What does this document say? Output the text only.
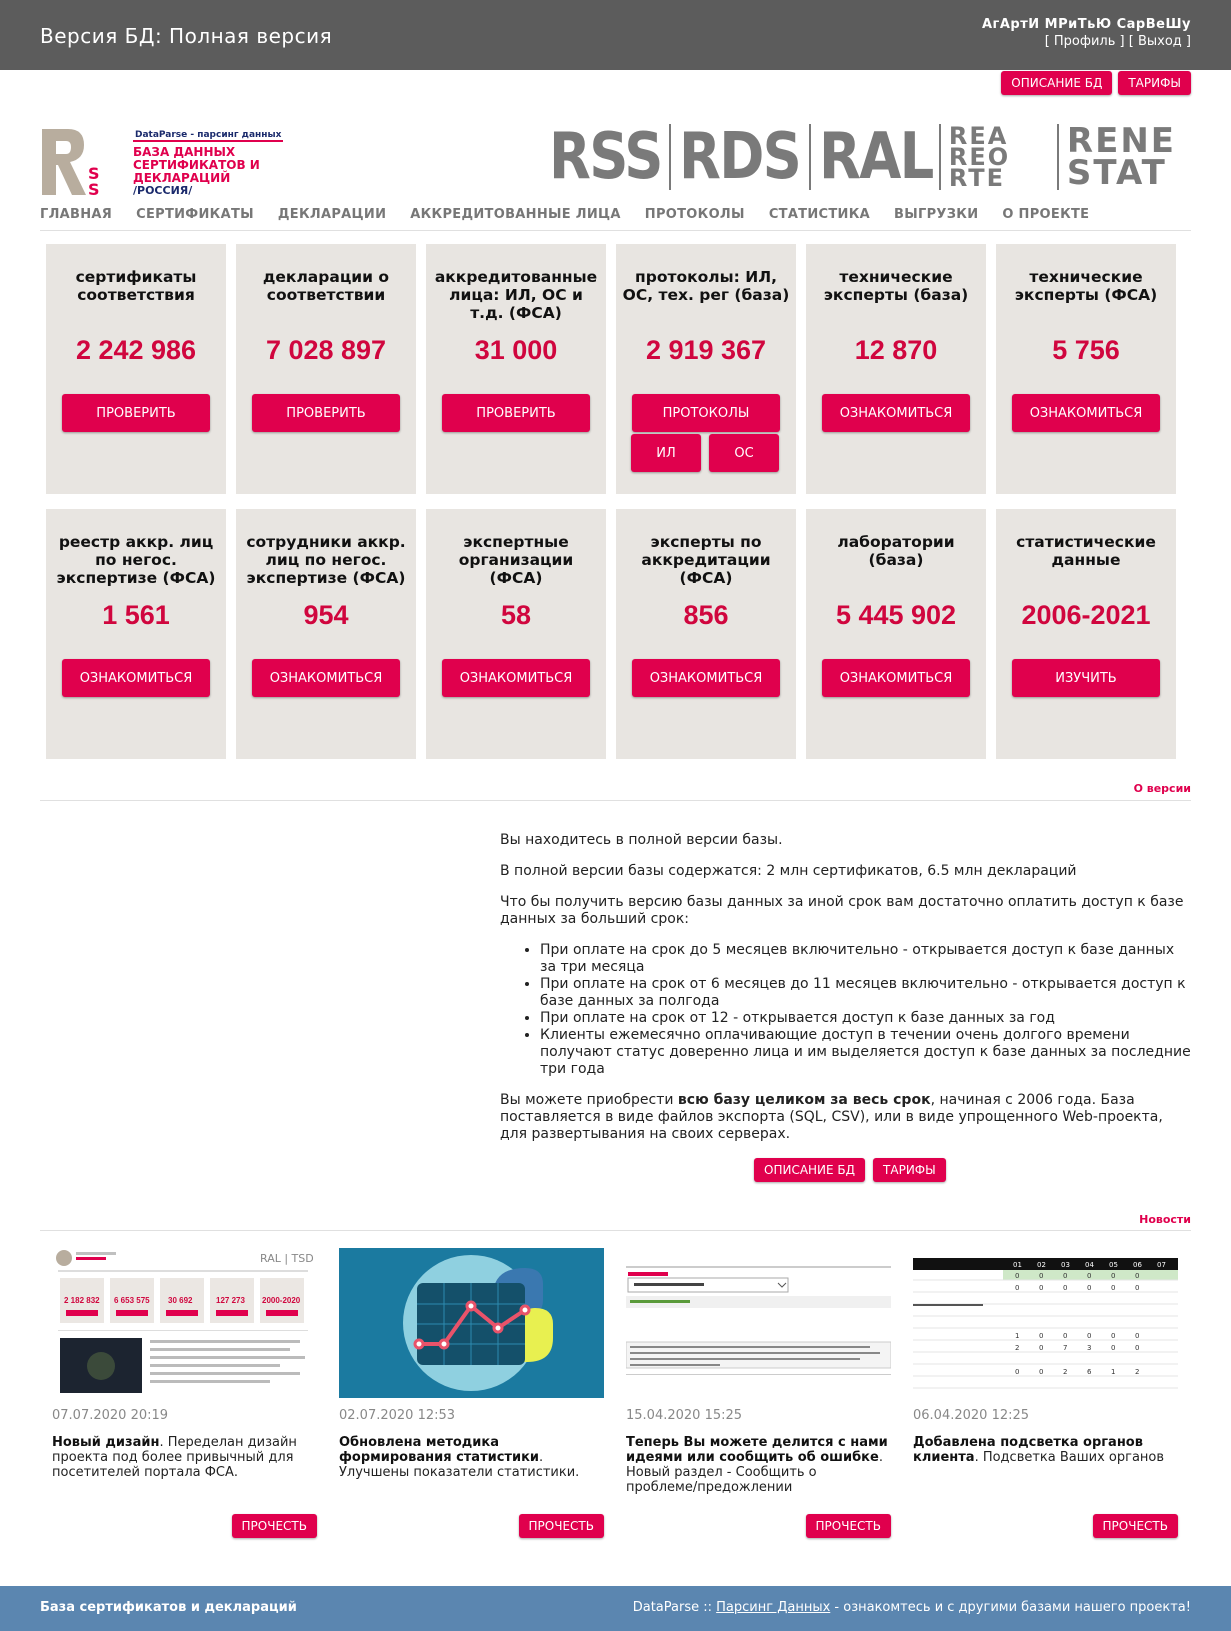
Версия БД: Полная версия	АгАртИ МРиТьЮ СарВеШу
[ Профиль ] [ Выход ]
ОПИСАНИЕ БД	ТАРИФЫ
S
S
DataParse - парсинг данных
БАЗА ДАННЫХ
СЕРТИФИКАТОВ И
ДЕКЛАРАЦИЙ
/РОССИЯ/	RSS RDS RAL REA
REO
RTE
RENE
STAT
ГЛАВНАЯ СЕРТИФИКАТЫ ДЕКЛАРАЦИИ АККРЕДИТОВАННЫЕ ЛИЦА ПРОТОКОЛЫ СТАТИСТИКА ВЫГРУЗКИ О ПРОЕКТЕ
сертификаты соответствия
2 242 986
ПРОВЕРИТЬ
декларации о соответствии
7 028 897
ПРОВЕРИТЬ
аккредитованные лица: ИЛ, ОС и т.д. (ФСА)
31 000
ПРОВЕРИТЬ
протоколы: ИЛ, ОС, тех. рег (база)
2 919 367
ПРОТОКОЛЫ
ИЛ	ОС
технические эксперты (база)
12 870
ОЗНАКОМИТЬСЯ
технические эксперты (ФСА)
5 756
ОЗНАКОМИТЬСЯ
реестр аккр. лиц по негос. экспертизе (ФСА)
1 561
ОЗНАКОМИТЬСЯ
сотрудники аккр. лиц по негос. экспертизе (ФСА)
954
ОЗНАКОМИТЬСЯ
экспертные организации (ФСА)
58
ОЗНАКОМИТЬСЯ
эксперты по аккредитации (ФСА)
856
ОЗНАКОМИТЬСЯ
лаборатории (база)
5 445 902
ОЗНАКОМИТЬСЯ
статистические данные
2006-2021
ИЗУЧИТЬ
О версии

Вы находитесь в полной версии базы.

В полной версии базы содержатся: 2 млн сертификатов, 6.5 млн деклараций

Что бы получить версию базы данных за иной срок вам достаточно оплатить доступ к базе данных за больший срок:

• При оплате на срок до 5 месяцев включительно - открывается доступ к базе данных за три месяца
• При оплате на срок от 6 месяцев до 11 месяцев включительно - открывается доступ к базе данных за полгода
• При оплате на срок от 12 - открывается доступ к базе данных за год
• Клиенты ежемесячно оплачивающие доступ в течении очень долгого времени получают статус доверенно лица и им выделяется доступ к базе данных за последние три года

Вы можете приобрести всю базу целиком за весь срок, начиная с 2006 года. База поставляется в виде файлов экспорта (SQL, CSV), или в виде упрощенного Web-проекта, для развертывания на своих серверах.

ОПИСАНИЕ БД	ТАРИФЫ
Новости
RAL | TSD
2 182 832 6 653 575 30 692	127 273 2000-2020
07.07.2020 20:19
Новый дизайн. Переделан дизайн проекта под более привычный для посетителей портала ФСА.
ПРОЧЕСТЬ
02.07.2020 12:53
Обновлена методика формирования статистики. Улучшены показатели статистики.
ПРОЧЕСТЬ
15.04.2020 15:25
Теперь Вы можете делится с нами идеями или сообщить об ошибке. Новый раздел - Сообщить о проблеме/предожлении
ПРОЧЕСТЬ
01 02 03 04 05 06 07
0	0	0	0	0	0
0	0	0	0	0	0
1	0	0	0	0	0
2	0	7	3	0	0
0	0	2	6	1	2
06.04.2020 12:25
Добавлена подсветка органов клиента. Подсветка Ваших органов
ПРОЧЕСТЬ
База сертификатов и деклараций	DataParse :: Парсинг Данных - ознакомтесь и с другими базами нашего проекта!
